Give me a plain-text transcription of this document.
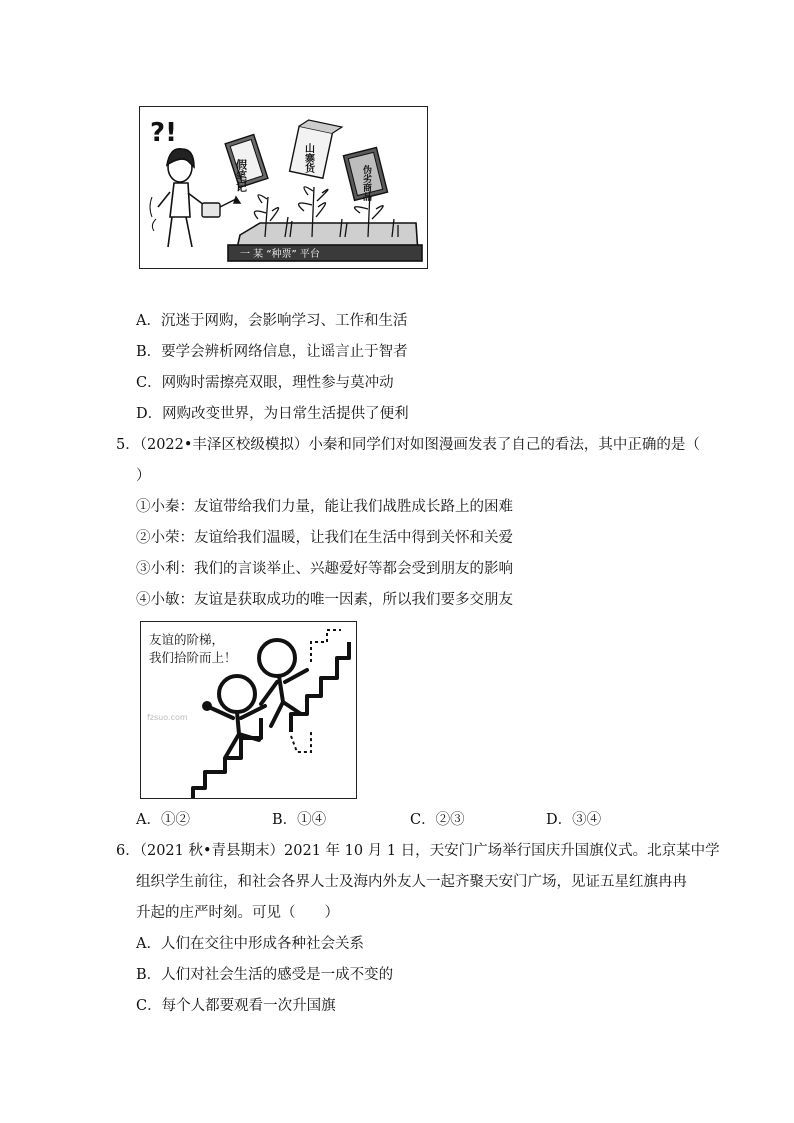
?!
一 某 “种票” 平台
假笔记
山寨货
伪劣商品
A．沉迷于网购，会影响学习、工作和生活
B．要学会辨析网络信息，让谣言止于智者
C．网购时需擦亮双眼，理性参与莫冲动
D．网购改变世界，为日常生活提供了便利
5．（2022•丰泽区校级模拟）小秦和同学们对如图漫画发表了自己的看法，其中正确的是（
）
①小秦：友谊带给我们力量，能让我们战胜成长路上的困难
②小荣：友谊给我们温暖，让我们在生活中得到关怀和关爱
③小利：我们的言谈举止、兴趣爱好等都会受到朋友的影响
④小敏：友谊是获取成功的唯一因素，所以我们要多交朋友
友谊的阶梯，
我们拾阶而上！
fzsuo.com
A．①②	B．①④	C．②③	D．③④
6．（2021 秋•青县期末）2021 年 10 月 1 日，天安门广场举行国庆升国旗仪式。北京某中学
组织学生前往，和社会各界人士及海内外友人一起齐聚天安门广场，见证五星红旗冉冉
升起的庄严时刻。可见（　　）
A．人们在交往中形成各种社会关系
B．人们对社会生活的感受是一成不变的
C．每个人都要观看一次升国旗
